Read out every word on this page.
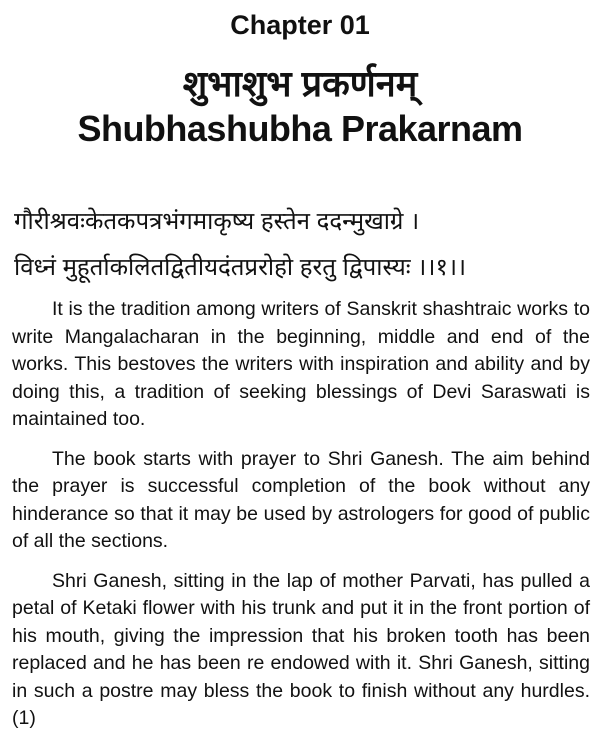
Chapter 01
शुभाशुभ प्रकर्णनम्
Shubhashubha Prakarnam
गौरीश्रवःकेतकपत्रभंगमाकृष्य हस्तेन ददन्मुखाग्रे ।
विध्नं मुहूर्ताकलितद्वितीयदंतप्ररोहो हरतु द्विपास्यः ।।१।।

It is the tradition among writers of Sanskrit shashtraic works to write Mangalacharan in the beginning, middle and end of the works. This bestoves the writers with inspiration and ability and by doing this, a tradition of seeking blessings of Devi Saraswati is maintained too.

The book starts with prayer to Shri Ganesh. The aim behind the prayer is successful completion of the book without any hinderance so that it may be used by astrologers for good of public of all the sections.

Shri Ganesh, sitting in the lap of mother Parvati, has pulled a petal of Ketaki flower with his trunk and put it in the front portion of his mouth, giving the impression that his broken tooth has been replaced and he has been re endowed with it. Shri Ganesh, sitting in such a postre may bless the book to finish without any hurdles. (1)
